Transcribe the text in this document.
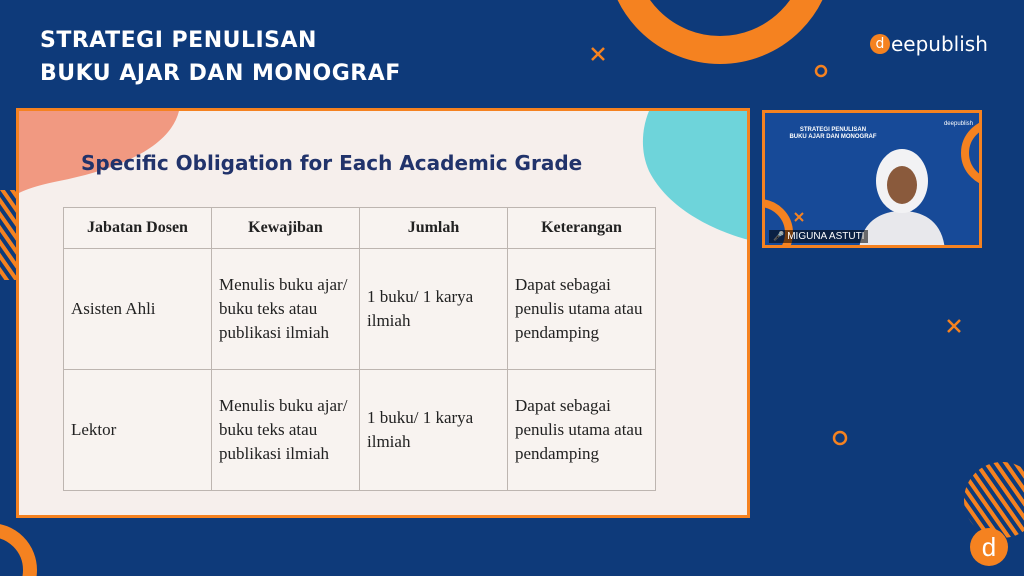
d
STRATEGI PENULISAN
BUKU AJAR DAN MONOGRAF
d eepublish
Specific Obligation for Each Academic Grade
Jabatan Dosen	Kewajiban	Jumlah	Keterangan
Asisten Ahli	Menulis buku ajar/ buku teks atau publikasi ilmiah	1 buku/ 1 karya ilmiah	Dapat sebagai penulis utama atau pendamping
Lektor	Menulis buku ajar/ buku teks atau publikasi ilmiah	1 buku/ 1 karya ilmiah	Dapat sebagai penulis utama atau pendamping
STRATEGI PENULISAN
BUKU AJAR DAN MONOGRAF
deepublish
🎤 MIGUNA ASTUTI
